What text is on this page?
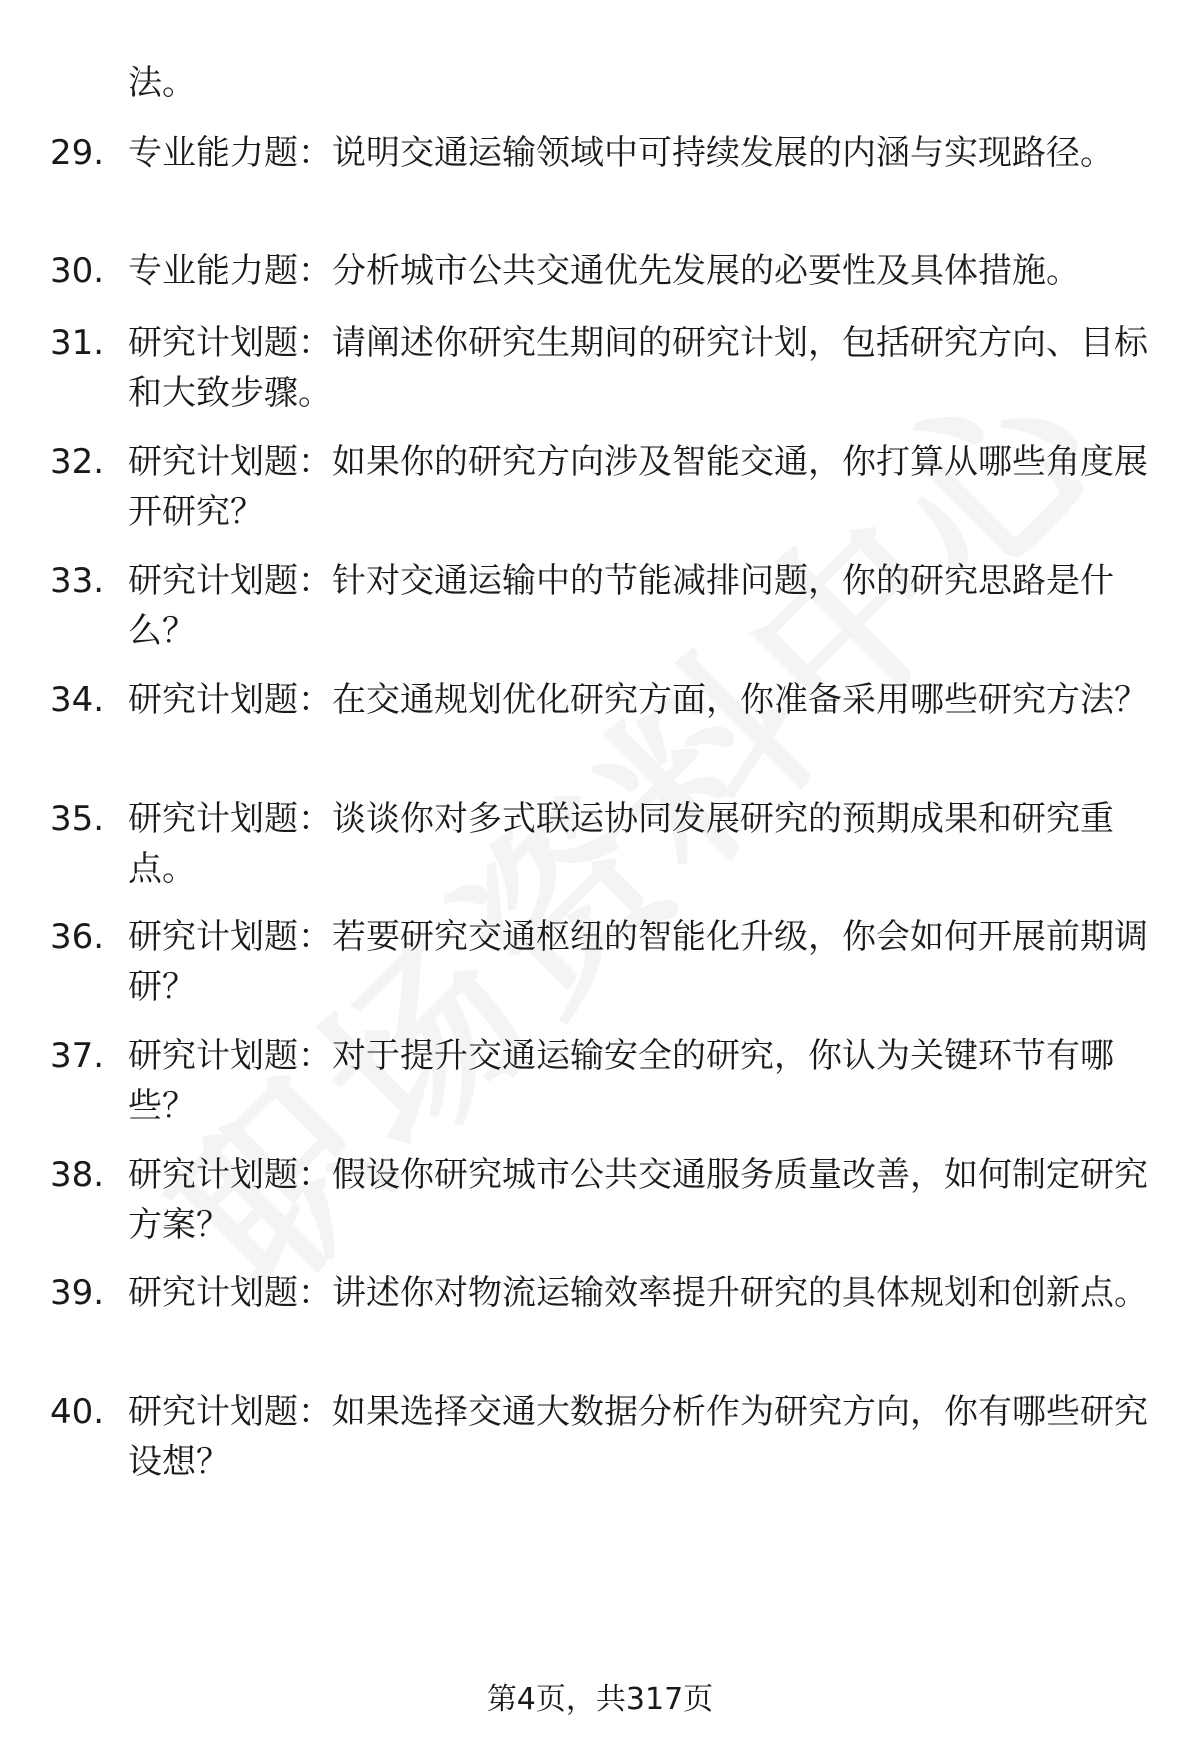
法。
29. 专业能力题：说明交通运输领域中可持续发展的内涵与实现路径。
30. 专业能力题：分析城市公共交通优先发展的必要性及具体措施。
31. 研究计划题：请阐述你研究生期间的研究计划，包括研究方向、目标和大致步骤。
32. 研究计划题：如果你的研究方向涉及智能交通，你打算从哪些角度展开研究？
33. 研究计划题：针对交通运输中的节能减排问题，你的研究思路是什么？
34. 研究计划题：在交通规划优化研究方面，你准备采用哪些研究方法？
35. 研究计划题：谈谈你对多式联运协同发展研究的预期成果和研究重点。
36. 研究计划题：若要研究交通枢纽的智能化升级，你会如何开展前期调研？
37. 研究计划题：对于提升交通运输安全的研究，你认为关键环节有哪些？
38. 研究计划题：假设你研究城市公共交通服务质量改善，如何制定研究方案？
39. 研究计划题：讲述你对物流运输效率提升研究的具体规划和创新点。
40. 研究计划题：如果选择交通大数据分析作为研究方向，你有哪些研究设想？
第4页，共317页
